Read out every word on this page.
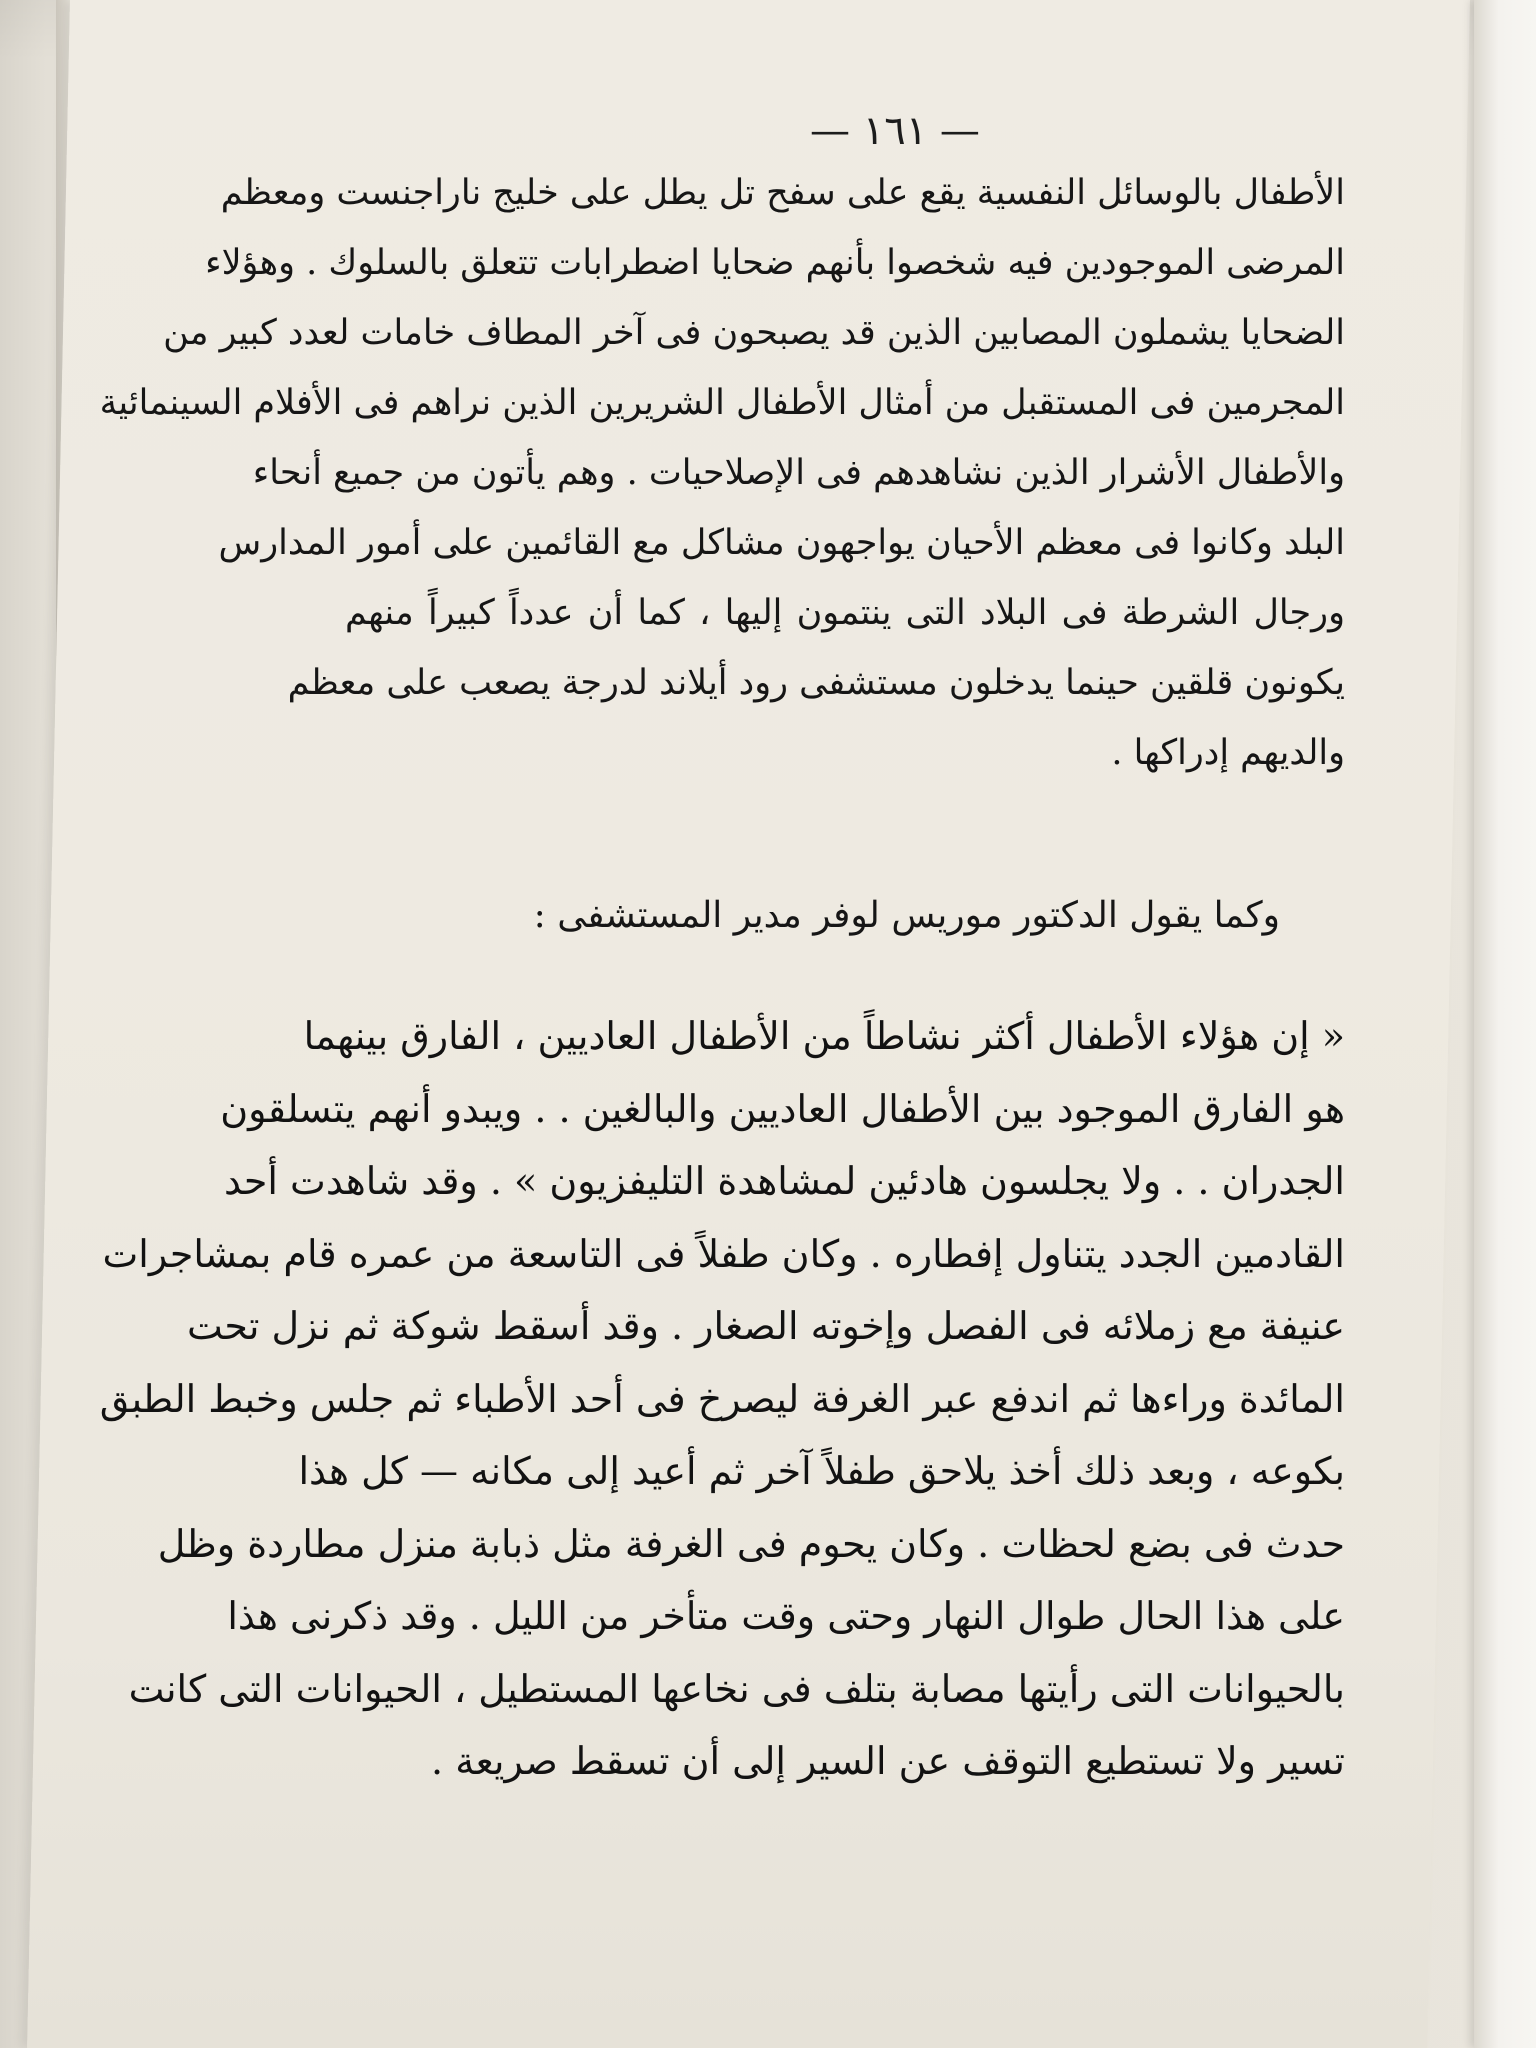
— ١٦١ —
الأطفال بالوسائل النفسية يقع على سفح تل يطل على خليج ناراجنست ومعظم
المرضى الموجودين فيه شخصوا بأنهم ضحايا اضطرابات تتعلق بالسلوك . وهؤلاء
الضحايا يشملون المصابين الذين قد يصبحون فى آخر المطاف خامات لعدد كبير من
المجرمين فى المستقبل من أمثال الأطفال الشريرين الذين نراهم فى الأفلام السينمائية
والأطفال الأشرار الذين نشاهدهم فى الإصلاحيات . وهم يأتون من جميع أنحاء
البلد وكانوا فى معظم الأحيان يواجهون مشاكل مع القائمين على أمور المدارس
ورجال الشرطة فى البلاد التى ينتمون إليها ، كما أن عدداً كبيراً منهم
يكونون قلقين حينما يدخلون مستشفى رود أيلاند لدرجة يصعب على معظم
والديهم إدراكها .
وكما يقول الدكتور موريس لوفر مدير المستشفى :
« إن هؤلاء الأطفال أكثر نشاطاً من الأطفال العاديين ، الفارق بينهما
هو الفارق الموجود بين الأطفال العاديين والبالغين . . ويبدو أنهم يتسلقون
الجدران . . ولا يجلسون هادئين لمشاهدة التليفزيون » . وقد شاهدت أحد
القادمين الجدد يتناول إفطاره . وكان طفلاً فى التاسعة من عمره قام بمشاجرات
عنيفة مع زملائه فى الفصل وإخوته الصغار . وقد أسقط شوكة ثم نزل تحت
المائدة وراءها ثم اندفع عبر الغرفة ليصرخ فى أحد الأطباء ثم جلس وخبط الطبق
بكوعه ، وبعد ذلك أخذ يلاحق طفلاً آخر ثم أعيد إلى مكانه — كل هذا
حدث فى بضع لحظات . وكان يحوم فى الغرفة مثل ذبابة منزل مطاردة وظل
على هذا الحال طوال النهار وحتى وقت متأخر من الليل . وقد ذكرنى هذا
بالحيوانات التى رأيتها مصابة بتلف فى نخاعها المستطيل ، الحيوانات التى كانت
تسير ولا تستطيع التوقف عن السير إلى أن تسقط صريعة .
